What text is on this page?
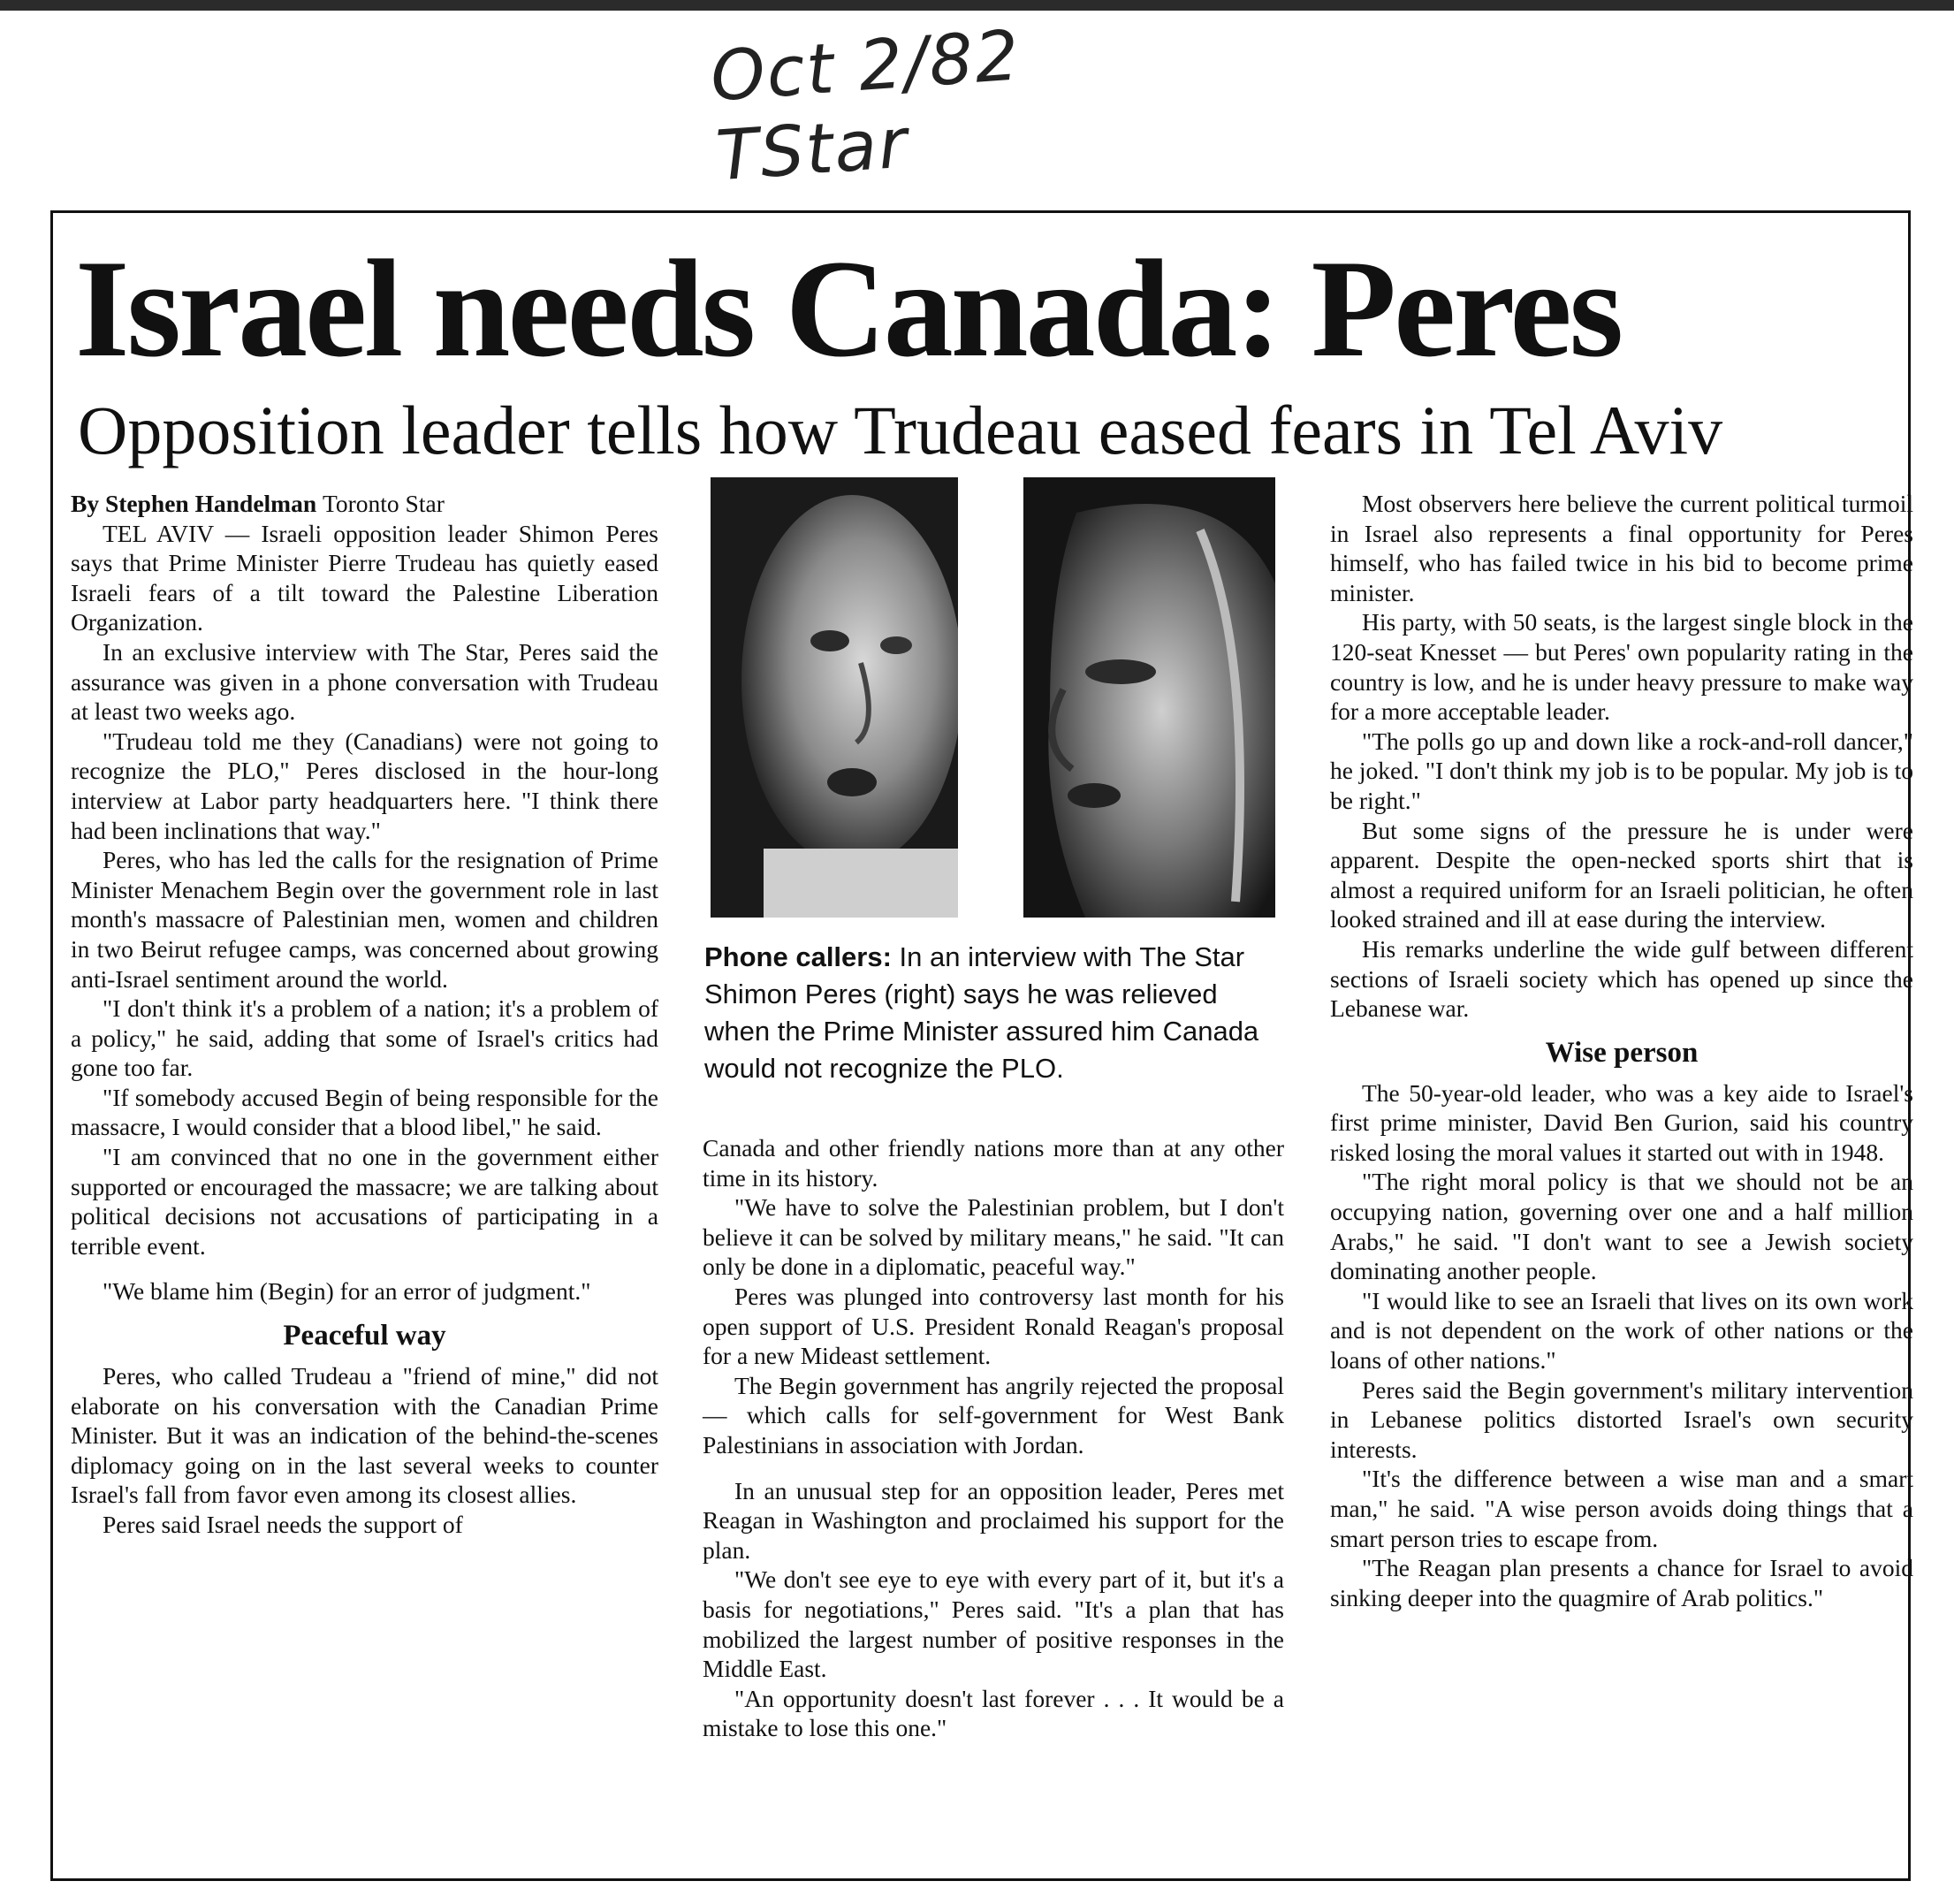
Oct 2/82 TStar
Israel needs Canada: Peres
Opposition leader tells how Trudeau eased fears in Tel Aviv

By Stephen Handelman Toronto Star

TEL AVIV — Israeli opposition leader Shimon Peres says that Prime Minister Pierre Trudeau has quietly eased Israeli fears of a tilt toward the Palestine Liberation Organization.

In an exclusive interview with The Star, Peres said the assurance was given in a phone conversation with Trudeau at least two weeks ago.

"Trudeau told me they (Canadians) were not going to recognize the PLO," Peres disclosed in the hour-long interview at Labor party headquarters here. "I think there had been inclinations that way."

Peres, who has led the calls for the resignation of Prime Minister Menachem Begin over the government role in last month's massacre of Palestinian men, women and children in two Beirut refugee camps, was concerned about growing anti-Israel sentiment around the world.

"I don't think it's a problem of a nation; it's a problem of a policy," he said, adding that some of Israel's critics had gone too far.

"If somebody accused Begin of being responsible for the massacre, I would consider that a blood libel," he said.

"I am convinced that no one in the government either supported or encouraged the massacre; we are talking about political decisions not accusations of participating in a terrible event.

"We blame him (Begin) for an error of judgment."

Peaceful way

Peres, who called Trudeau a "friend of mine," did not elaborate on his conversation with the Canadian Prime Minister. But it was an indication of the behind-the-scenes diplomacy going on in the last several weeks to counter Israel's fall from favor even among its closest allies.

Peres said Israel needs the support of

Phone callers: In an interview with The Star Shimon Peres (right) says he was relieved when the Prime Minister assured him Canada would not recognize the PLO.

Canada and other friendly nations more than at any other time in its history.

"We have to solve the Palestinian problem, but I don't believe it can be solved by military means," he said. "It can only be done in a diplomatic, peaceful way."

Peres was plunged into controversy last month for his open support of U.S. President Ronald Reagan's proposal for a new Mideast settlement.

The Begin government has angrily rejected the proposal — which calls for self-government for West Bank Palestinians in association with Jordan.

In an unusual step for an opposition leader, Peres met Reagan in Washington and proclaimed his support for the plan.

"We don't see eye to eye with every part of it, but it's a basis for negotiations," Peres said. "It's a plan that has mobilized the largest number of positive responses in the Middle East.

"An opportunity doesn't last forever . . . It would be a mistake to lose this one."

Most observers here believe the current political turmoil in Israel also represents a final opportunity for Peres himself, who has failed twice in his bid to become prime minister.

His party, with 50 seats, is the largest single block in the 120-seat Knesset — but Peres' own popularity rating in the country is low, and he is under heavy pressure to make way for a more acceptable leader.

"The polls go up and down like a rock-and-roll dancer," he joked. "I don't think my job is to be popular. My job is to be right."

But some signs of the pressure he is under were apparent. Despite the open-necked sports shirt that is almost a required uniform for an Israeli politician, he often looked strained and ill at ease during the interview.

His remarks underline the wide gulf between different sections of Israeli society which has opened up since the Lebanese war.

Wise person

The 50-year-old leader, who was a key aide to Israel's first prime minister, David Ben Gurion, said his country risked losing the moral values it started out with in 1948.

"The right moral policy is that we should not be an occupying nation, governing over one and a half million Arabs," he said. "I don't want to see a Jewish society dominating another people.

"I would like to see an Israeli that lives on its own work and is not dependent on the work of other nations or the loans of other nations."

Peres said the Begin government's military intervention in Lebanese politics distorted Israel's own security interests.

"It's the difference between a wise man and a smart man," he said. "A wise person avoids doing things that a smart person tries to escape from.

"The Reagan plan presents a chance for Israel to avoid sinking deeper into the quagmire of Arab politics."
